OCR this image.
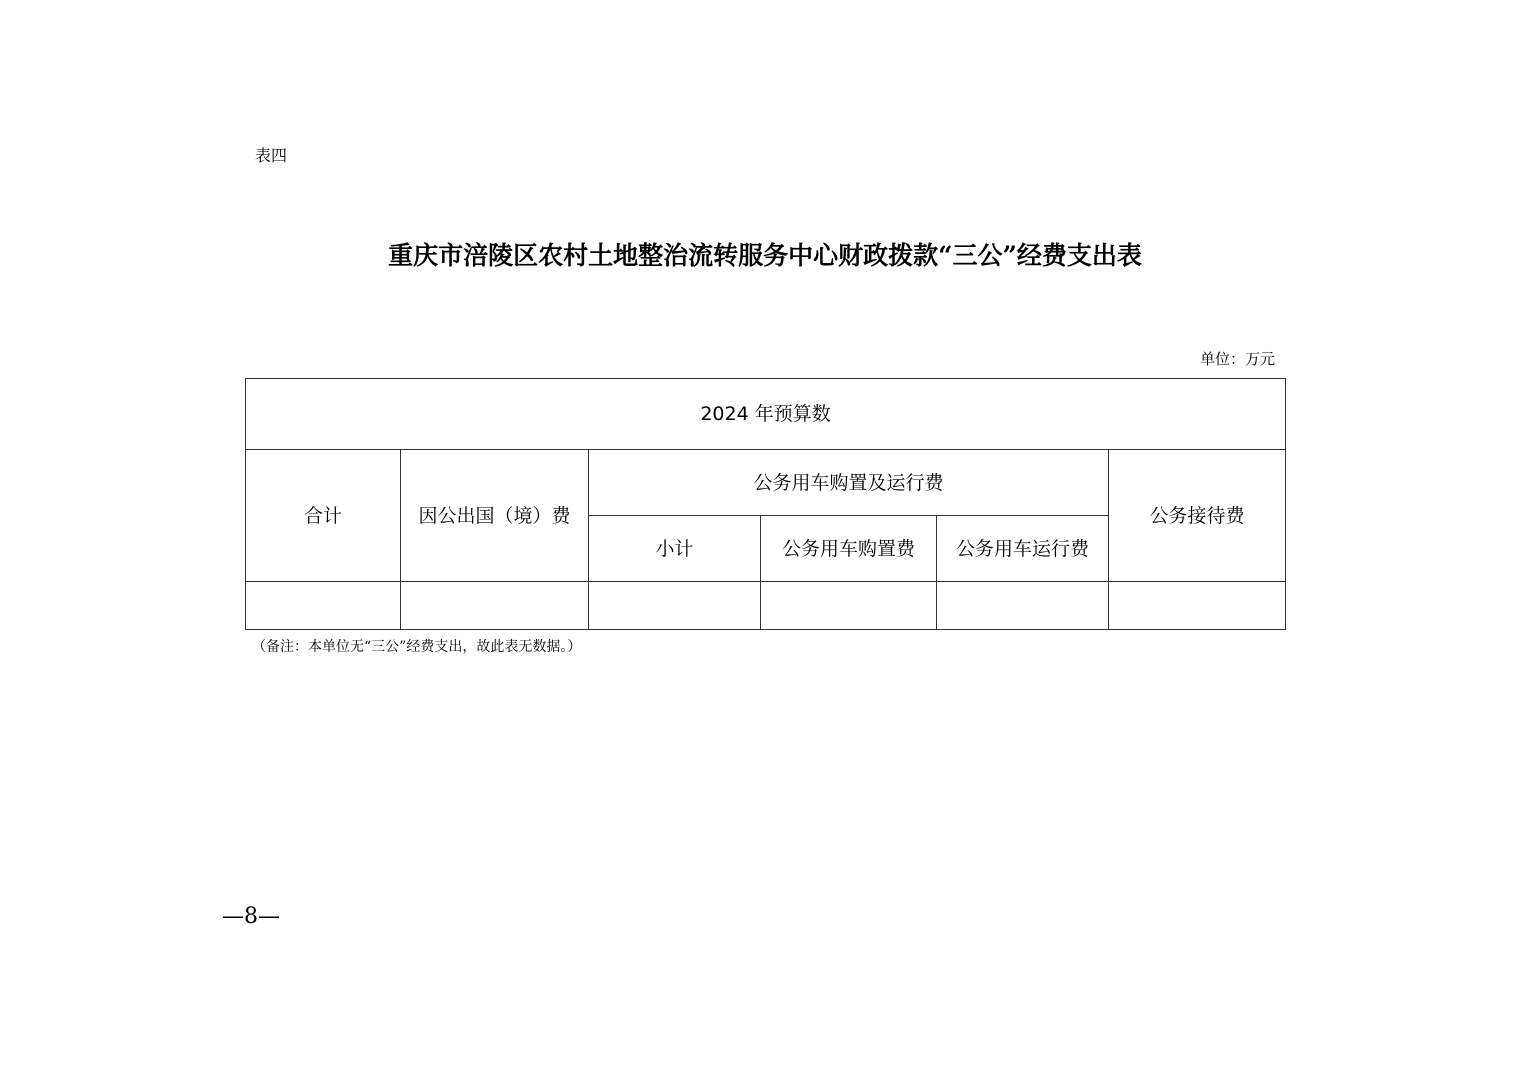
表四
重庆市涪陵区农村土地整治流转服务中心财政拨款“三公”经费支出表
单位：万元
2024 年预算数					
合计	因公出国（境）费	公务用车购置及运行费			公务接待费
		小计	公务用车购置费	公务用车运行费	

（备注：本单位无“三公”经费支出，故此表无数据。）
—8—
